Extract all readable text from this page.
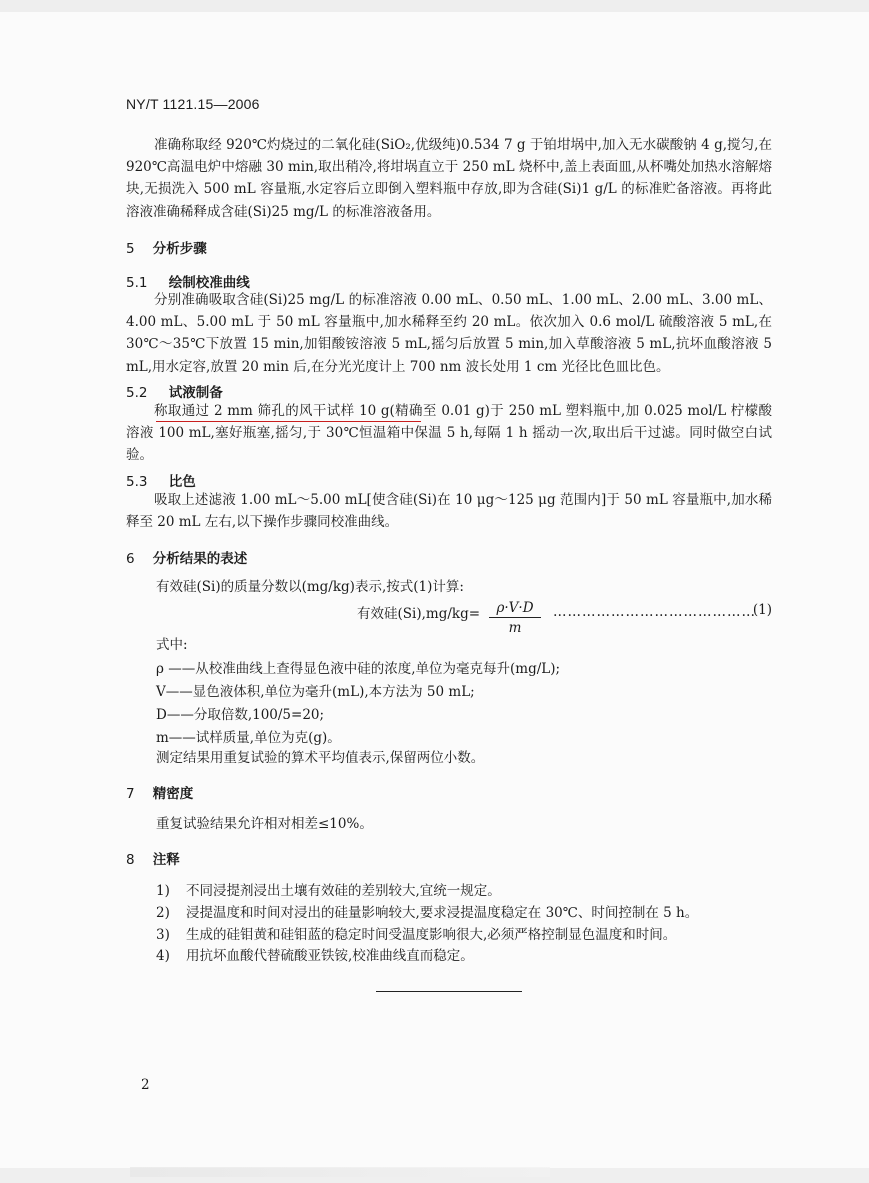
NY/T 1121.15—2006
准确称取经 920℃灼烧过的二氧化硅(SiO₂,优级纯)0.534 7 g 于铂坩埚中,加入无水碳酸钠 4 g,搅匀,在 920℃高温电炉中熔融 30 min,取出稍冷,将坩埚直立于 250 mL 烧杯中,盖上表面皿,从杯嘴处加热水溶解熔块,无损洗入 500 mL 容量瓶,水定容后立即倒入塑料瓶中存放,即为含硅(Si)1 g/L 的标准贮备溶液。再将此溶液准确稀释成含硅(Si)25 mg/L 的标准溶液备用。
5 分析步骤
5.1 绘制校准曲线
分别准确吸取含硅(Si)25 mg/L 的标准溶液 0.00 mL、0.50 mL、1.00 mL、2.00 mL、3.00 mL、4.00 mL、5.00 mL 于 50 mL 容量瓶中,加水稀释至约 20 mL。依次加入 0.6 mol/L 硫酸溶液 5 mL,在 30℃～35℃下放置 15 min,加钼酸铵溶液 5 mL,摇匀后放置 5 min,加入草酸溶液 5 mL,抗坏血酸溶液 5 mL,用水定容,放置 20 min 后,在分光光度计上 700 nm 波长处用 1 cm 光径比色皿比色。
5.2 试液制备
称取通过 2 mm 筛孔的风干试样 10 g(精确至 0.01 g)于 250 mL 塑料瓶中,加 0.025 mol/L 柠檬酸溶液 100 mL,塞好瓶塞,摇匀,于 30℃恒温箱中保温 5 h,每隔 1 h 摇动一次,取出后干过滤。同时做空白试验。
5.3 比色
吸取上述滤液 1.00 mL～5.00 mL[使含硅(Si)在 10 μg～125 μg 范围内]于 50 mL 容量瓶中,加水稀释至 20 mL 左右,以下操作步骤同校准曲线。
6 分析结果的表述
有效硅(Si)的质量分数以(mg/kg)表示,按式(1)计算:
有效硅$(Si),mg/kg= \frac{\rho\cdot V\cdot D}{m}$ ……………………………………
(1)
式中:
ρ ——从校准曲线上查得显色液中硅的浓度,单位为毫克每升(mg/L);
V——显色液体积,单位为毫升(mL),本方法为 50 mL;
D——分取倍数,100/5=20;
m——试样质量,单位为克(g)。
测定结果用重复试验的算术平均值表示,保留两位小数。
7 精密度
重复试验结果允许相对相差≤10%。
8 注释
1) 不同浸提剂浸出土壤有效硅的差别较大,宜统一规定。
2) 浸提温度和时间对浸出的硅量影响较大,要求浸提温度稳定在 30℃、时间控制在 5 h。
3) 生成的硅钼黄和硅钼蓝的稳定时间受温度影响很大,必须严格控制显色温度和时间。
4) 用抗坏血酸代替硫酸亚铁铵,校准曲线直而稳定。
2
